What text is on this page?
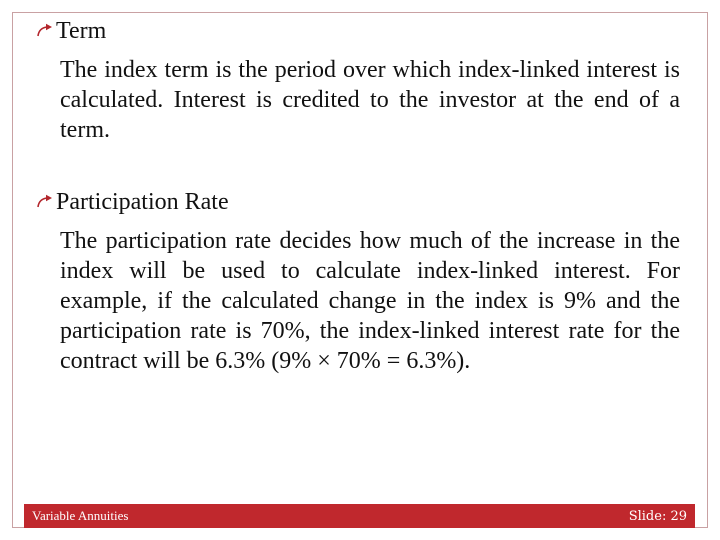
Term
The index term is the period over which index-linked interest is calculated. Interest is credited to the investor at the end of a term.
Participation Rate
The participation rate decides how much of the increase in the index will be used to calculate index-linked interest. For example, if the calculated change in the index is 9% and the participation rate is 70%, the index-linked interest rate for the contract will be 6.3% (9% × 70% = 6.3%).
Variable Annuities	Slide: 29
